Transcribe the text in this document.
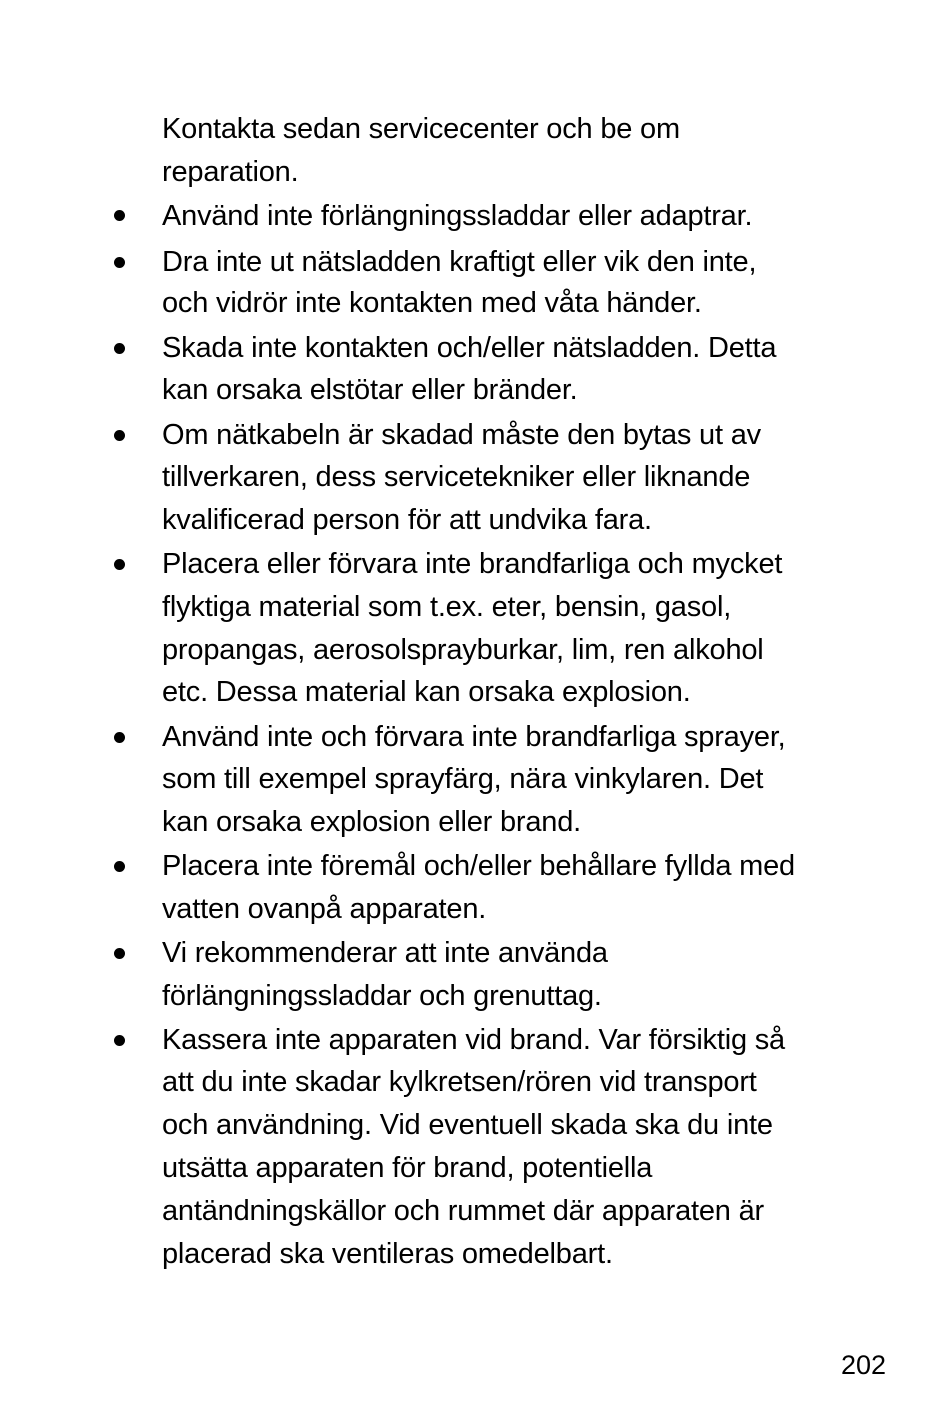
Kontakta sedan servicecenter och be om
reparation.
Använd inte förlängningssladdar eller adaptrar.
Dra inte ut nätsladden kraftigt eller vik den inte,
och vidrör inte kontakten med våta händer.
Skada inte kontakten och/eller nätsladden. Detta
kan orsaka elstötar eller bränder.
Om nätkabeln är skadad måste den bytas ut av
tillverkaren, dess servicetekniker eller liknande
kvalificerad person för att undvika fara.
Placera eller förvara inte brandfarliga och mycket
flyktiga material som t.ex. eter, bensin, gasol,
propangas, aerosolsprayburkar, lim, ren alkohol
etc. Dessa material kan orsaka explosion.
Använd inte och förvara inte brandfarliga sprayer,
som till exempel sprayfärg, nära vinkylaren. Det
kan orsaka explosion eller brand.
Placera inte föremål och/eller behållare fyllda med
vatten ovanpå apparaten.
Vi rekommenderar att inte använda
förlängningssladdar och grenuttag.
Kassera inte apparaten vid brand. Var försiktig så
att du inte skadar kylkretsen/rören vid transport
och användning. Vid eventuell skada ska du inte
utsätta apparaten för brand, potentiella
antändningskällor och rummet där apparaten är
placerad ska ventileras omedelbart.
202
